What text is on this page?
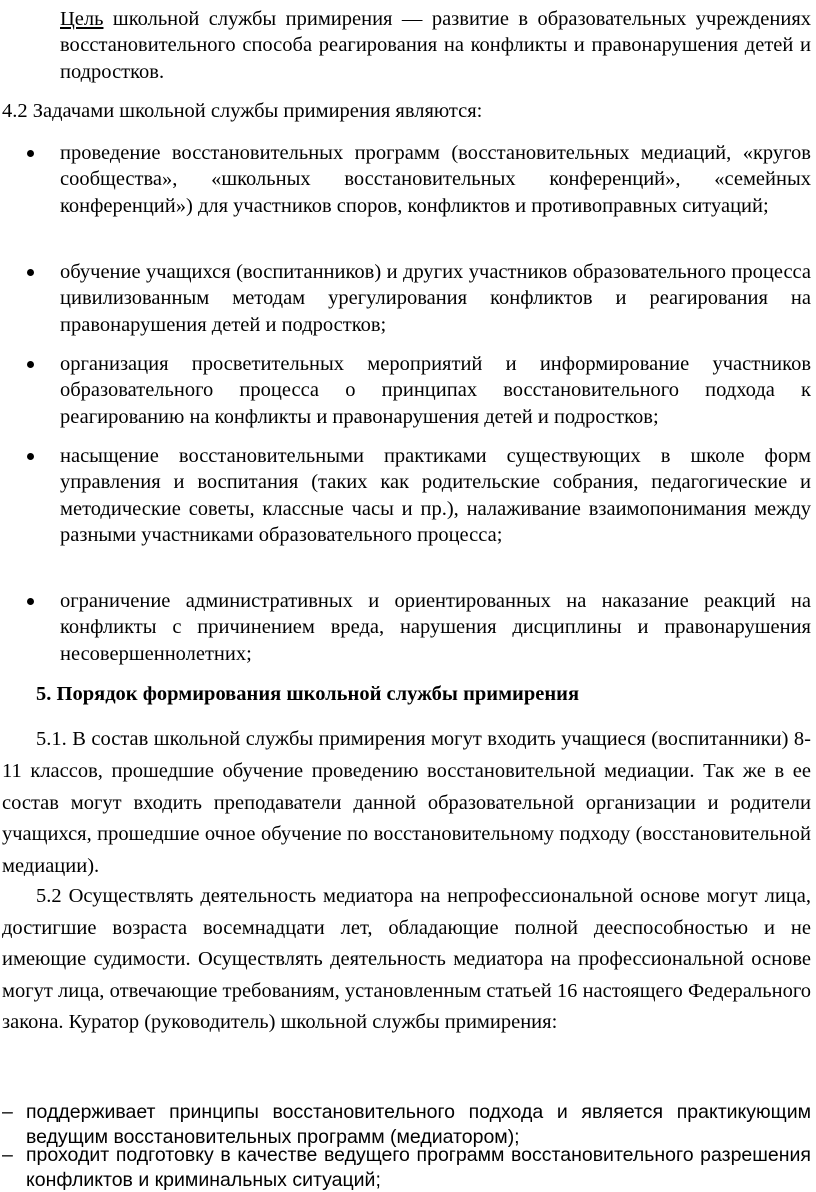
Цель школьной службы примирения — развитие в образовательных учреждениях восстановительного способа реагирования на конфликты и правонарушения детей и подростков.

4.2 Задачами школьной службы примирения являются:

проведение восстановительных программ (восстановительных медиаций, «кругов сообщества», «школьных восстановительных конференций», «семейных конференций») для участников споров, конфликтов и противоправных ситуаций;
обучение учащихся (воспитанников) и других участников образовательного процесса цивилизованным методам урегулирования конфликтов и реагирования на правонарушения детей и подростков;
организация просветительных мероприятий и информирование участников образовательного процесса о принципах восстановительного подхода к реагированию на конфликты и правонарушения детей и подростков;
насыщение восстановительными практиками существующих в школе форм управления и воспитания (таких как родительские собрания, педагогические и методические советы, классные часы и пр.), налаживание взаимопонимания между разными участниками образовательного процесса;
ограничение административных и ориентированных на наказание реакций на конфликты с причинением вреда, нарушения дисциплины и правонарушения несовершеннолетних;

5. Порядок формирования школьной службы примирения

5.1. В состав школьной службы примирения могут входить учащиеся (воспитанники) 8-11 классов, прошедшие обучение проведению восстановительной медиации. Так же в ее состав могут входить преподаватели данной образовательной организации и родители учащихся, прошедшие очное обучение по восстановительному подходу (восстановительной медиации).

5.2 Осуществлять деятельность медиатора на непрофессиональной основе могут лица, достигшие возраста восемнадцати лет, обладающие полной дееспособностью и не имеющие судимости. Осуществлять деятельность медиатора на профессиональной основе могут лица, отвечающие требованиям, установленным статьей 16 настоящего Федерального закона. Куратор (руководитель) школьной службы примирения:

– поддерживает принципы восстановительного подхода и является практикующим ведущим восстановительных программ (медиатором);
– проходит подготовку в качестве ведущего программ восстановительного разрешения конфликтов и криминальных ситуаций;
